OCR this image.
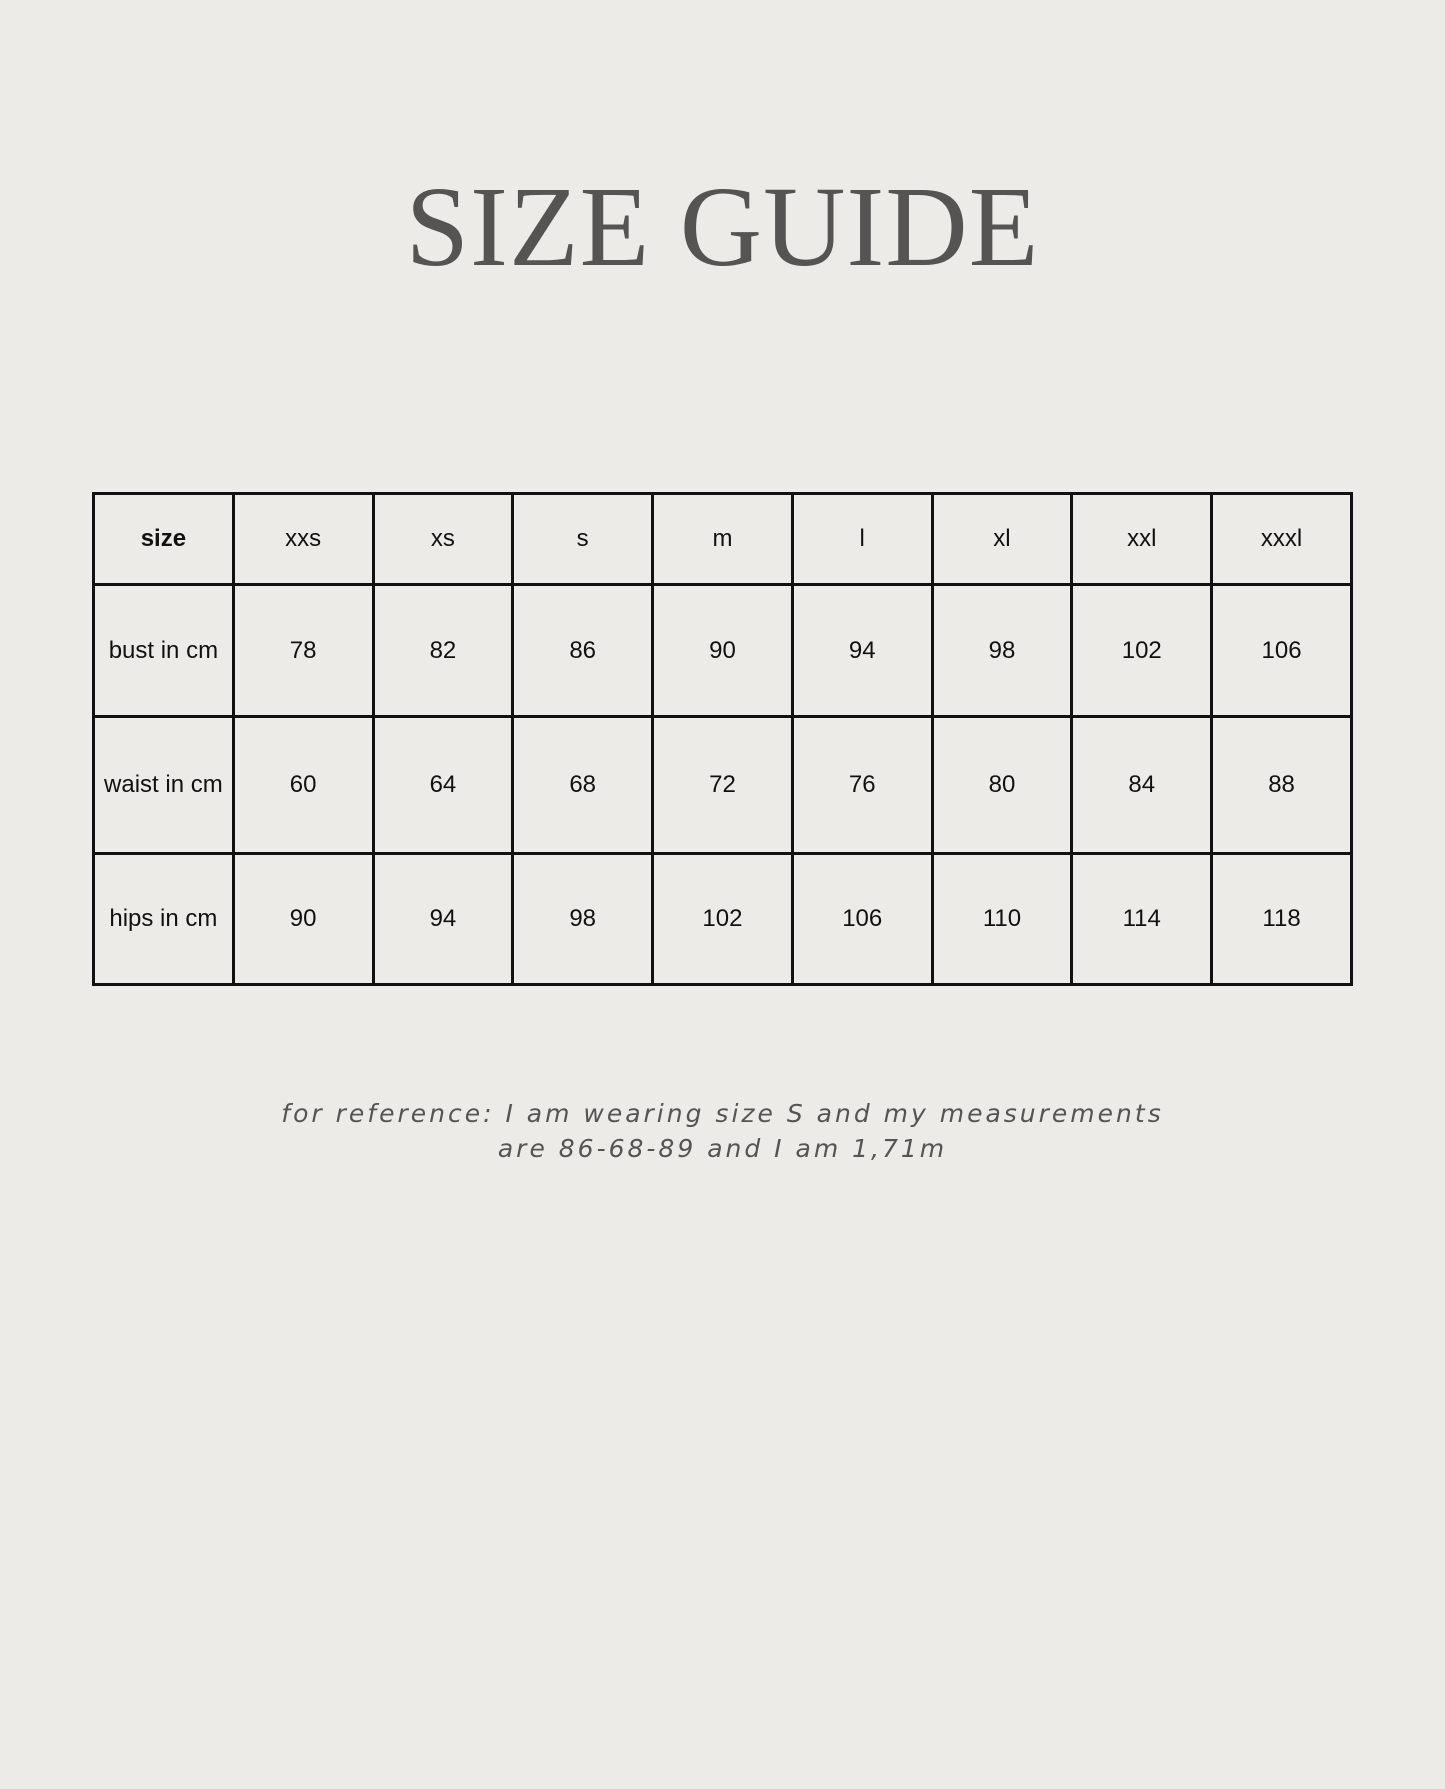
SIZE GUIDE
size	xxs	xs	s	m	l	xl	xxl	xxxl
bust in cm	78	82	86	90	94	98	102	106
waist in cm	60	64	68	72	76	80	84	88
hips in cm	90	94	98	102	106	110	114	118
for reference: I am wearing size S and my measurements
are 86-68-89 and I am 1,71m
